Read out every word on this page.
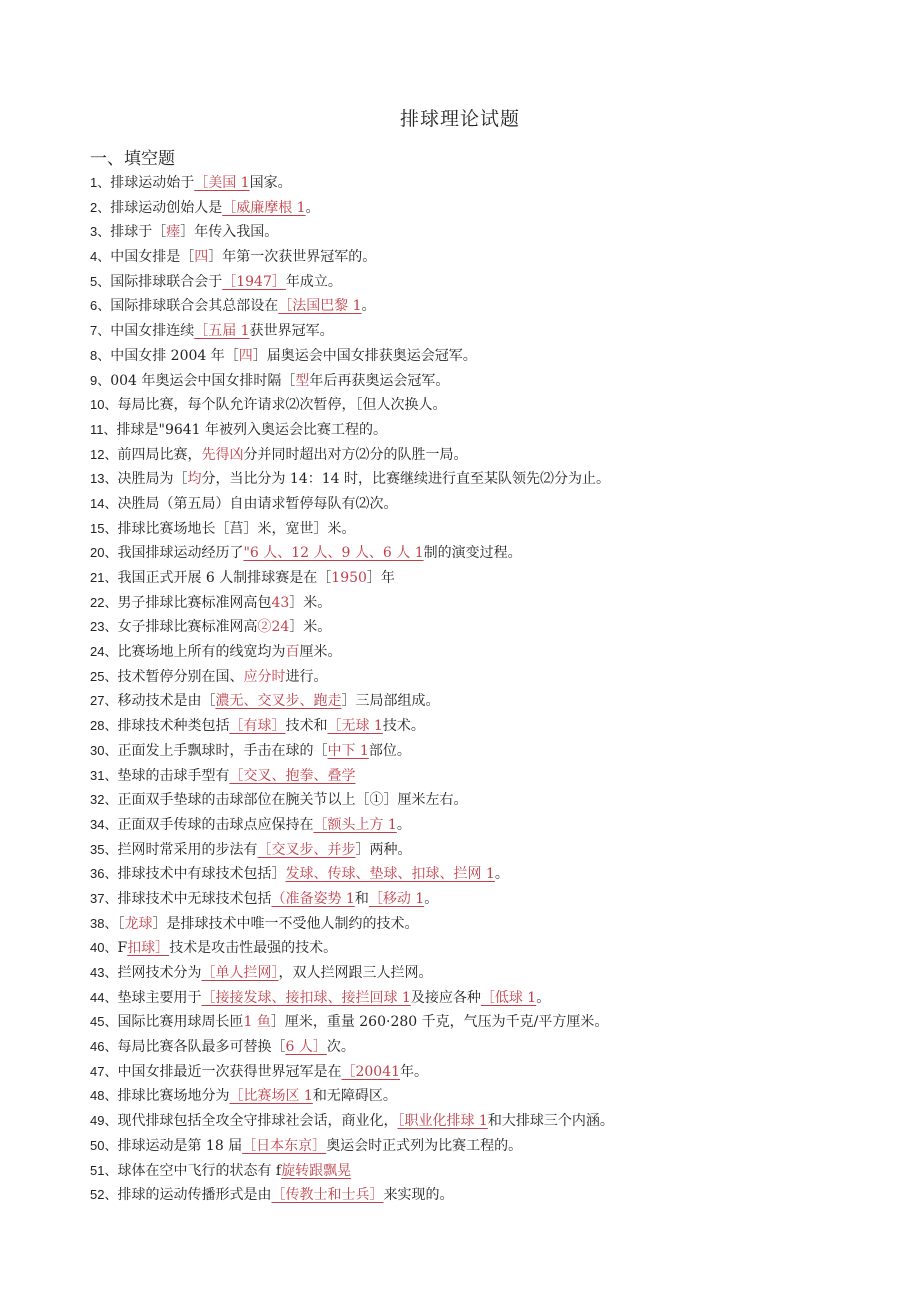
排球理论试题
一、填空题
1、排球运动始于［美国 1国家。
2、排球运动创始人是［威廉摩根 1。
3、排球于［瘗］年传入我国。
4、中国女排是［四］年第一次获世界冠军的。
5、国际排球联合会于［1947］年成立。
6、国际排球联合会其总部设在［法国巴黎 1。
7、中国女排连续［五届 1获世界冠军。
8、中国女排 2004 年［四］届奥运会中国女排获奥运会冠军。
9、004 年奥运会中国女排时隔［型年后再获奥运会冠军。
10、每局比赛，每个队允许请求⑵次暂停，［但人次换人。
11、排球是"9641 年被列入奥运会比赛工程的。
12、前四局比赛，先得凶分并同时超出对方⑵分的队胜一局。
13、决胜局为［均分，当比分为 14：14 时，比赛继续进行直至某队领先⑵分为止。
14、决胜局（第五局）自由请求暂停每队有⑵次。
15、排球比赛场地长［莒］米，宽世］米。
20、我国排球运动经历了"6 人、12 人、9 人、6 人 1制的演变过程。
21、我国正式开展 6 人制排球赛是在［1950］年
22、男子排球比赛标准网高包43］米。
23、女子排球比赛标准网高②24］米。
24、比赛场地上所有的线宽均为百厘米。
25、技术暂停分别在国、应分时进行。
27、移动技术是由［濃无、交叉步、跑走］三局部组成。
28、排球技术种类包括［有球］技术和［无球 1技术。
30、正面发上手飘球时，手击在球的［中下 1部位。
31、垫球的击球手型有［交叉、抱拳、叠学
32、正面双手垫球的击球部位在腕关节以上［①］厘米左右。
34、正面双手传球的击球点应保持在［额头上方 1。
35、拦网时常采用的步法有［交叉步、并步］两种。
36、排球技术中有球技术包括］发球、传球、垫球、扣球、拦网 1。
37、排球技术中无球技术包括（准备姿势 1和［移动 1。
38、［龙球］是排球技术中唯一不受他人制约的技术。
40、F扣球］技术是攻击性最强的技术。
43、拦网技术分为［单人拦网］，双人拦网跟三人拦网。
44、垫球主要用于［接接发球、接扣球、接拦回球 1及接应各种［低球 1。
45、国际比赛用球周长匝1 鱼］厘米，重量 260·280 千克，气压为千克/平方厘米。
46、每局比赛各队最多可替换［6 人］次。
47、中国女排最近一次获得世界冠军是在［20041年。
48、排球比赛场地分为［比赛场区 1和无障碍区。
49、现代排球包括全攻全守排球社会话，商业化，［职业化排球 1和大排球三个内涵。
50、排球运动是第 18 届［日本东京］奥运会时正式列为比赛工程的。
51、球体在空中飞行的状态有 f旋转跟飘晃
52、排球的运动传播形式是由［传教士和士兵］来实现的。
